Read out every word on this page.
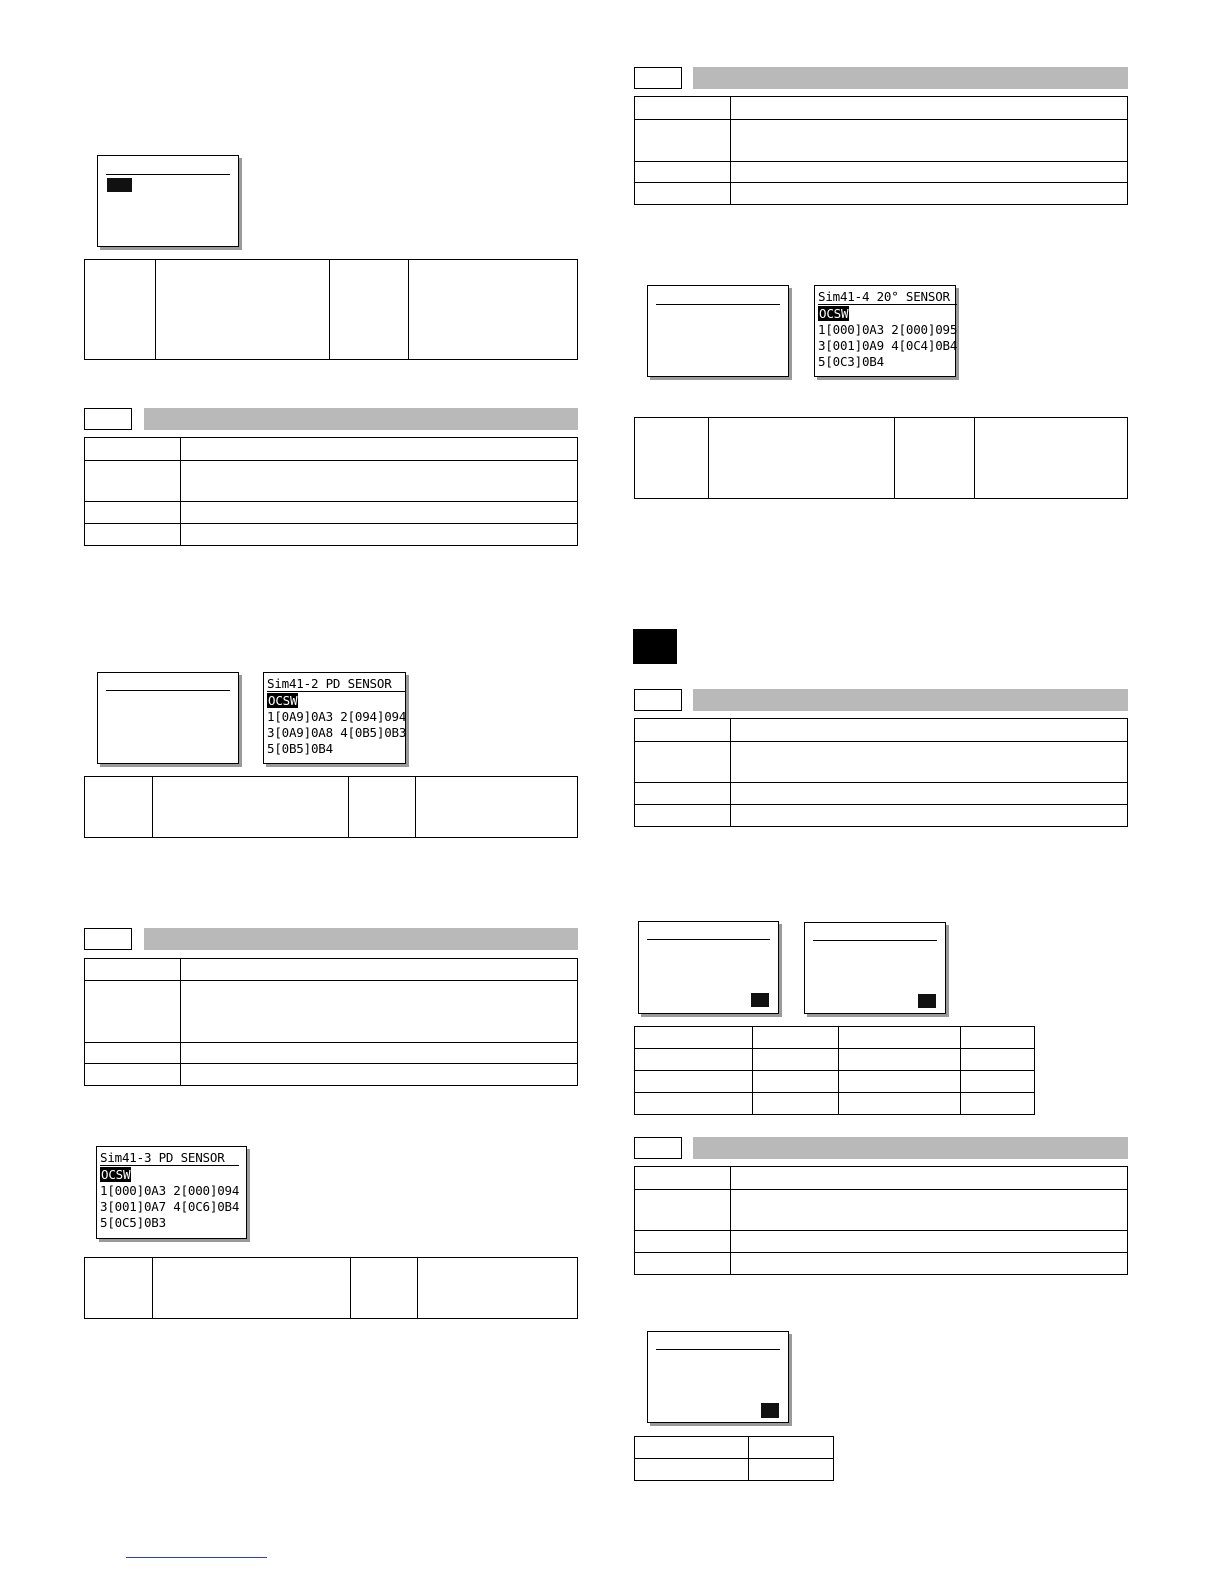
Sim41-2 PD SENSOR
OCSW
1[0A9]0A3 2[094]094
3[0A9]0A8 4[0B5]0B3
5[0B5]0B4

Sim41-3 PD SENSOR
OCSW
1[000]0A3 2[000]094
3[001]0A7 4[0C6]0B4
5[0C5]0B3

Sim41-4 20° SENSOR
OCSW
1[000]0A3 2[000]095
3[001]0A9 4[0C4]0B4
5[0C3]0B4
